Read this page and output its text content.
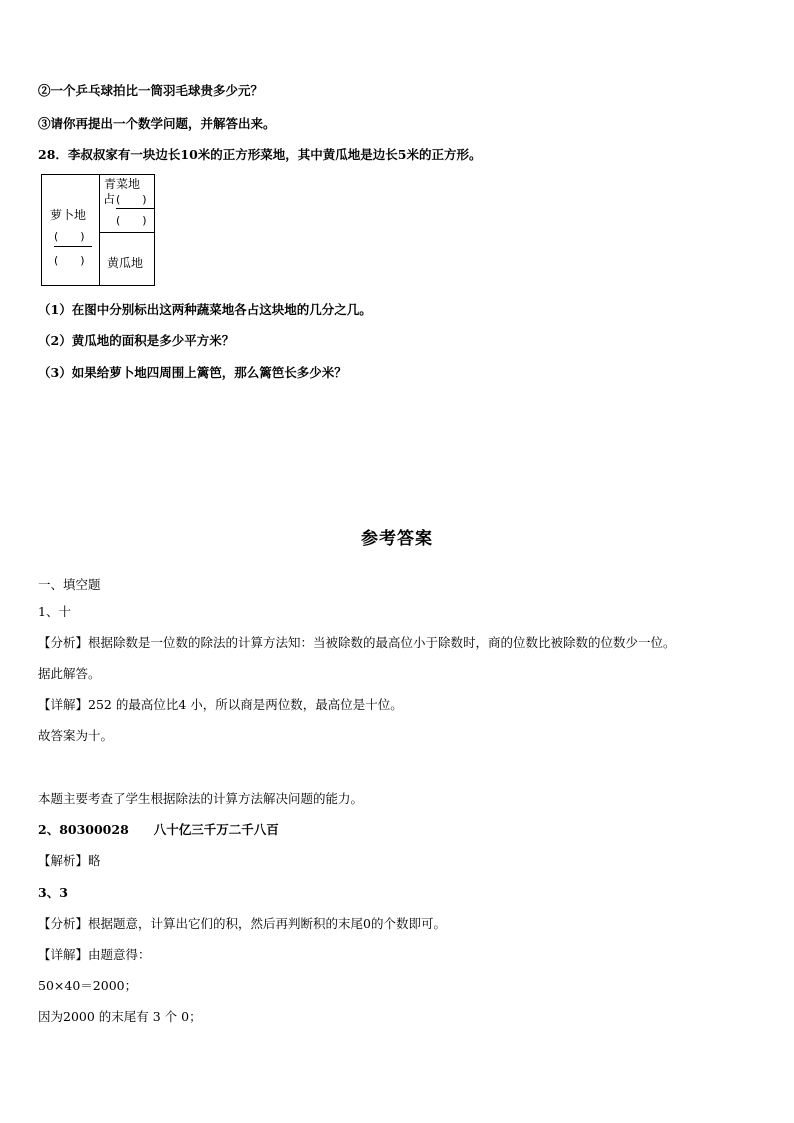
②一个乒乓球拍比一筒羽毛球贵多少元？
③请你再提出一个数学问题，并解答出来。
28．李叔叔家有一块边长10米的正方形菜地，其中黄瓜地是边长5米的正方形。
萝卜地
(　　)
(　　)
青菜地
占 (　　)
(　　)
黄瓜地
（1）在图中分别标出这两种蔬菜地各占这块地的几分之几。
（2）黄瓜地的面积是多少平方米？
（3）如果给萝卜地四周围上篱笆，那么篱笆长多少米？
参考答案
一、填空题
1、十
【分析】根据除数是一位数的除法的计算方法知：当被除数的最高位小于除数时，商的位数比被除数的位数少一位。
据此解答。
【详解】252 的最高位比4 小，所以商是两位数，最高位是十位。
故答案为十。
本题主要考查了学生根据除法的计算方法解决问题的能力。
2、80300028　　八十亿三千万二千八百
【解析】略
3、3
【分析】根据题意，计算出它们的积，然后再判断积的末尾0的个数即可。
【详解】由题意得：
50×40＝2000；
因为2000 的末尾有 3 个 0；
